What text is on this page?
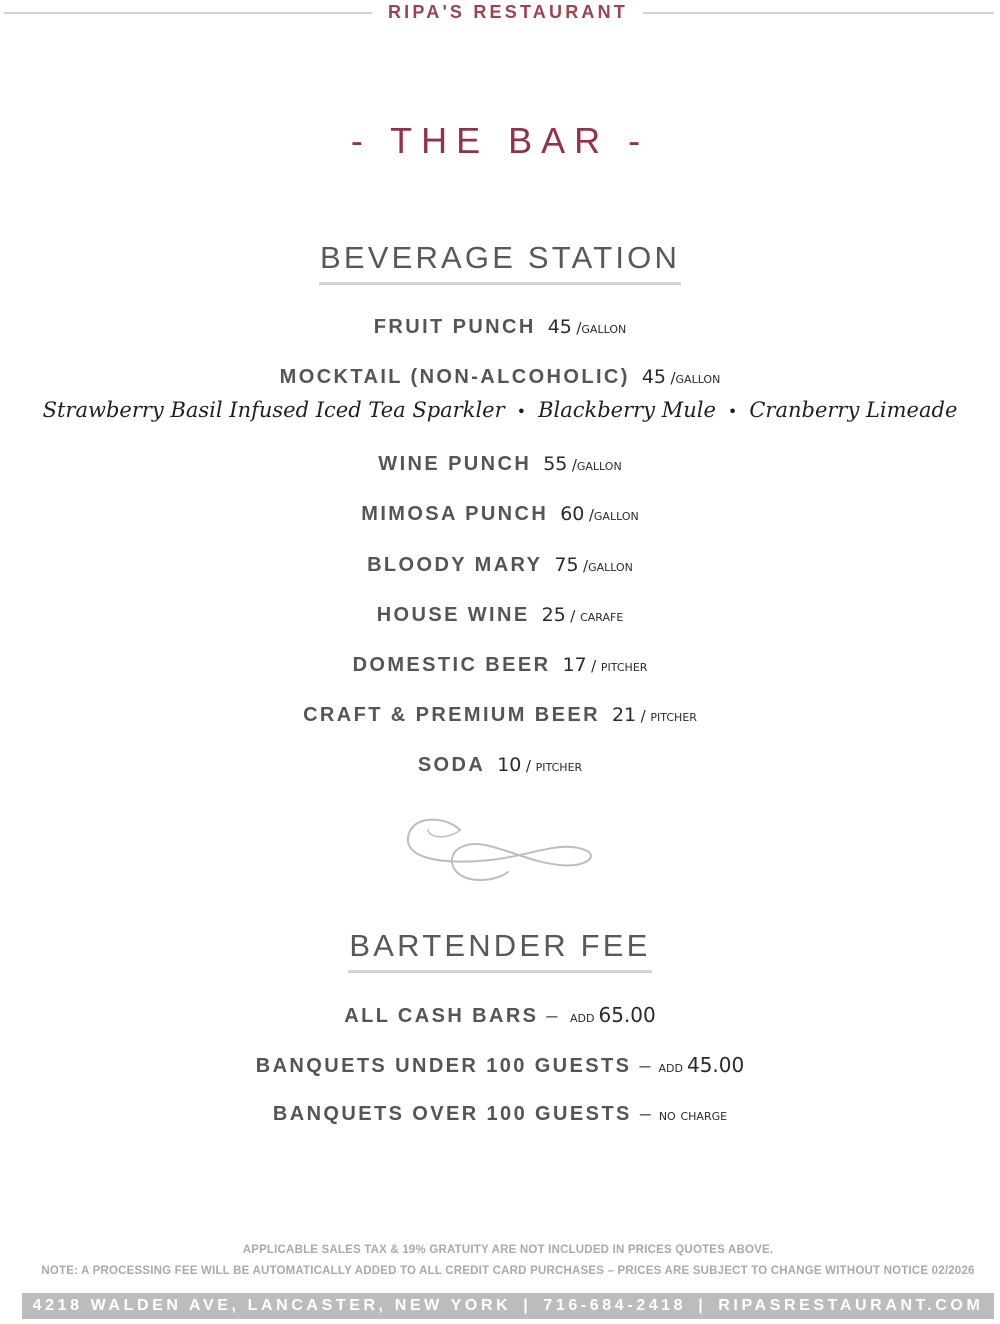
RIPA'S RESTAURANT
- THE BAR -
BEVERAGE STATION
FRUIT PUNCH 45 /gallon
MOCKTAIL (NON-ALCOHOLIC) 45 /gallon
Strawberry Basil Infused Iced Tea Sparkler • Blackberry Mule • Cranberry Limeade
WINE PUNCH 55 /gallon
MIMOSA PUNCH 60 /gallon
BLOODY MARY 75 /gallon
HOUSE WINE 25 / carafe
DOMESTIC BEER 17 / pitcher
CRAFT & PREMIUM BEER 21 / pitcher
SODA 10 / pitcher
BARTENDER FEE
ALL CASH BARS – add 65.00
BANQUETS UNDER 100 GUESTS – add 45.00
BANQUETS OVER 100 GUESTS – no charge
APPLICABLE SALES TAX & 19% GRATUITY ARE NOT INCLUDED IN PRICES QUOTES ABOVE.
NOTE: A PROCESSING FEE WILL BE AUTOMATICALLY ADDED TO ALL CREDIT CARD PURCHASES – PRICES ARE SUBJECT TO CHANGE WITHOUT NOTICE 02/2026
4218 WALDEN AVE, LANCASTER, NEW YORK | 716-684-2418 | RIPASRESTAURANT.COM
